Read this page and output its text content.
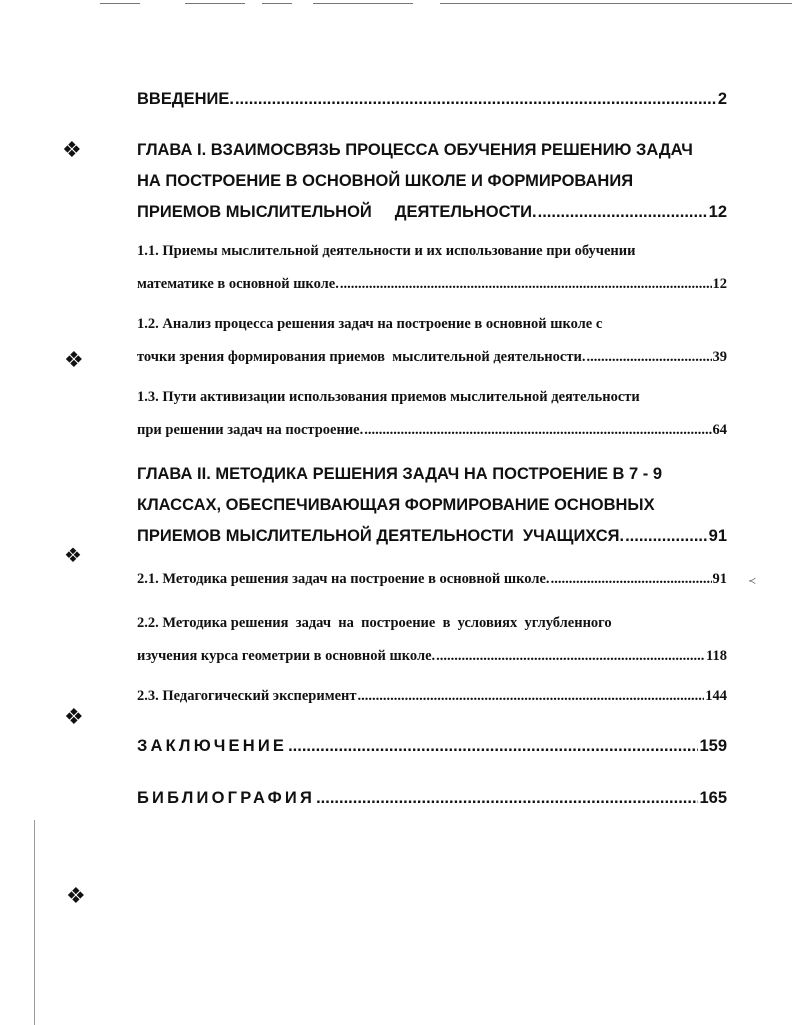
❖
❖
❖
❖
❖
≺
ВВЕДЕНИЕ. .....	2
ГЛАВА I. ВЗАИМОСВЯЗЬ ПРОЦЕССА ОБУЧЕНИЯ РЕШЕНИЮ ЗАДАЧ
НА ПОСТРОЕНИЕ В ОСНОВНОЙ ШКОЛЕ И ФОРМИРОВАНИЯ
ПРИЕМОВ МЫСЛИТЕЛЬНОЙ     ДЕЯТЕЛЬНОСТИ. .....	12
1.1. Приемы мыслительной деятельности и их использование при обучении
математике в основной школе. .....	12
1.2. Анализ процесса решения задач на построение в основной школе с
точки зрения формирования приемов  мыслительной деятельности. .....	39
1.3. Пути активизации использования приемов мыслительной деятельности
при решении задач на построение. .....	64
ГЛАВА II. МЕТОДИКА РЕШЕНИЯ ЗАДАЧ НА ПОСТРОЕНИЕ В 7 - 9
КЛАССАХ, ОБЕСПЕЧИВАЮЩАЯ ФОРМИРОВАНИЕ ОСНОВНЫХ
ПРИЕМОВ МЫСЛИТЕЛЬНОЙ ДЕЯТЕЛЬНОСТИ  УЧАЩИХСЯ. .....	91
2.1. Методика решения задач на построение в основной школе. .....	91
2.2. Методика решения  задач  на  построение  в  условиях  углубленного
изучения курса геометрии в основной школе. .....	118
2.3. Педагогический эксперимент .....	144
ЗАКЛЮЧЕНИЕ .....	159
БИБЛИОГРАФИЯ .....	165
